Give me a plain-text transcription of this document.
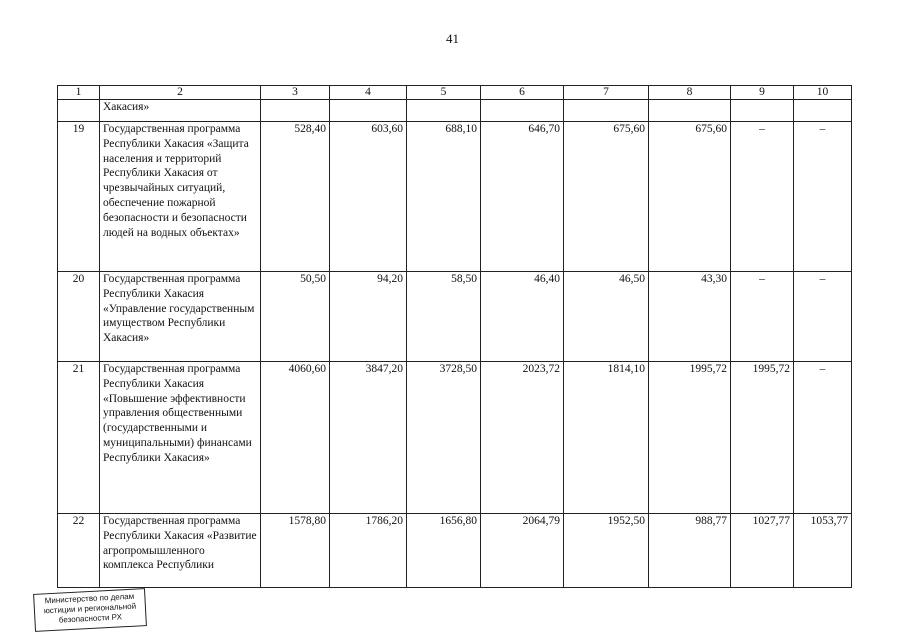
41
1	2	3	4	5	6	7	8	9	10
	Хакасия»								
19	Государственная программа Республики Хакасия «Защита населения и территорий Республики Хакасия от чрезвычайных ситуаций, обеспечение пожарной безопасности и безопасности людей на водных объектах»	528,40	603,60	688,10	646,70	675,60	675,60	–	–
20	Государственная программа Республики Хакасия «Управление государственным имуществом Республики Хакасия»	50,50	94,20	58,50	46,40	46,50	43,30	–	–
21	Государственная программа Республики Хакасия «Повышение эффективности управления общественными (государственными и муниципальными) финансами Республики Хакасия»	4060,60	3847,20	3728,50	2023,72	1814,10	1995,72	1995,72	–
22	Государственная программа Республики Хакасия «Развитие агропромышленного комплекса Республики	1578,80	1786,20	1656,80	2064,79	1952,50	988,77	1027,77	1053,77
Министерство по делам
юстиции и региональной
безопасности РХ
